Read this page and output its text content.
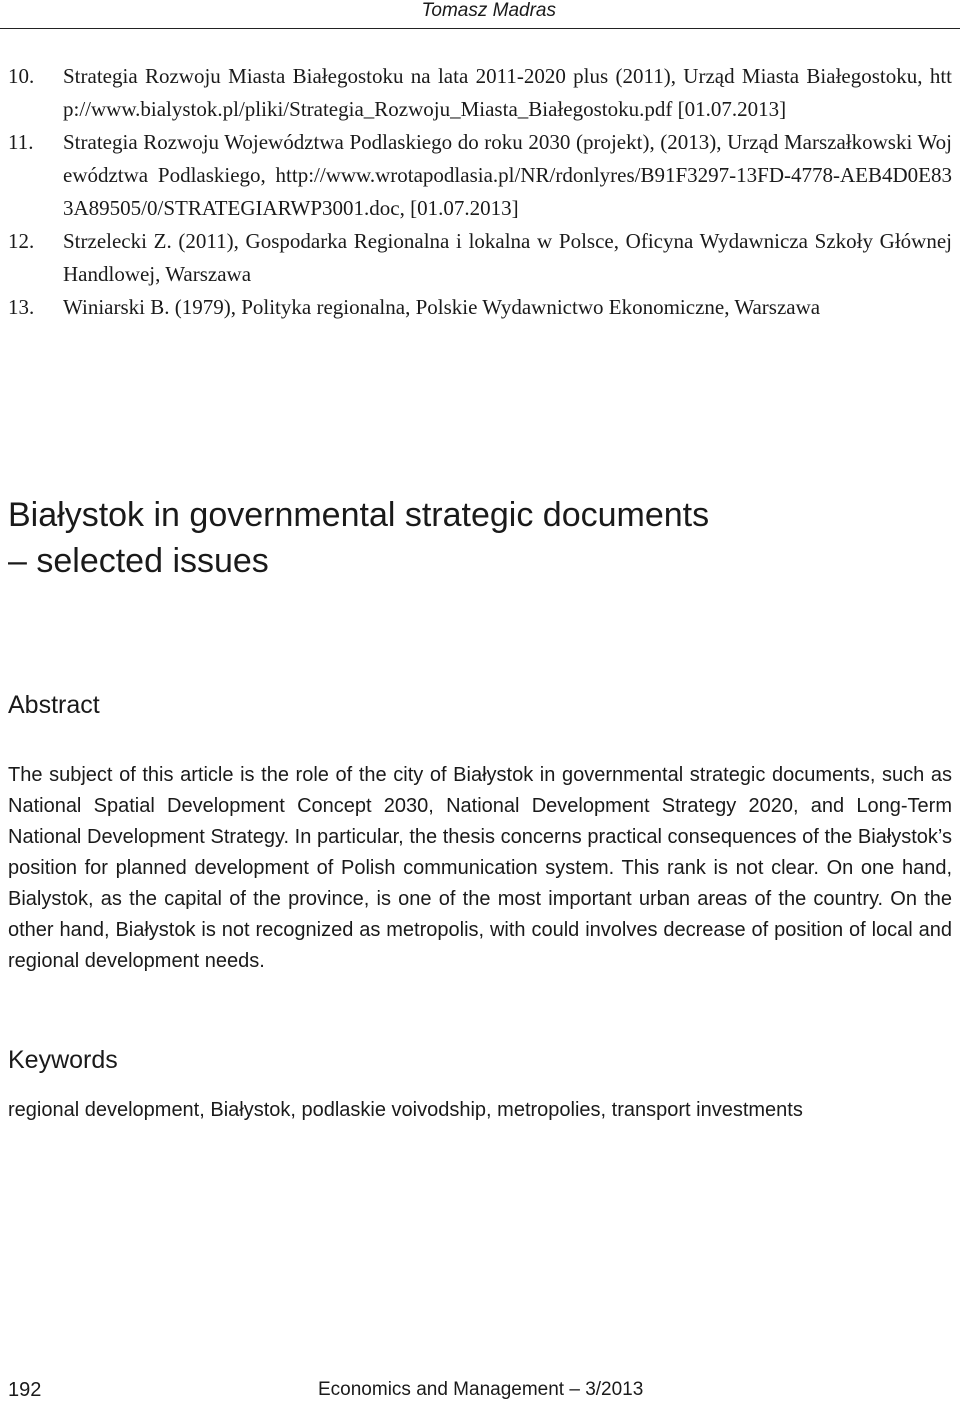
Tomasz Madras
10. Strategia Rozwoju Miasta Białegostoku na lata 2011-2020 plus (2011), Urząd Miasta Białegostoku, http://www.bialystok.pl/pliki/Strategia_Rozwoju_Miasta_Białegostoku.pdf [01.07.2013]
11. Strategia Rozwoju Województwa Podlaskiego do roku 2030 (projekt), (2013), Urząd Marszałkowski Województwa Podlaskiego, http://www.wrotapodlasia.pl/NR/rdonlyres/B91F3297-13FD-4778-AEB4D0E833A89505/0/STRATEGIARWP3001.doc, [01.07.2013]
12. Strzelecki Z. (2011), Gospodarka Regionalna i lokalna w Polsce, Oficyna Wydawnicza Szkoły Głównej Handlowej, Warszawa
13. Winiarski B. (1979), Polityka regionalna, Polskie Wydawnictwo Ekonomiczne, Warszawa
Białystok in governmental strategic documents
– selected issues
Abstract

The subject of this article is the role of the city of Białystok in governmental strategic documents, such as National Spatial Development Concept 2030, National Development Strategy 2020, and Long-Term National Development Strategy. In particular, the thesis concerns practical consequences of the Białystok’s position for planned development of Polish communication system. This rank is not clear. On one hand, Bialystok, as the capital of the province, is one of the most important urban areas of the country. On the other hand, Białystok is not recognized as metropolis, with could involves decrease of position of local and regional development needs.

Keywords

regional development, Białystok, podlaskie voivodship, metropolies, transport investments

192	Economics and Management – 3/2013
